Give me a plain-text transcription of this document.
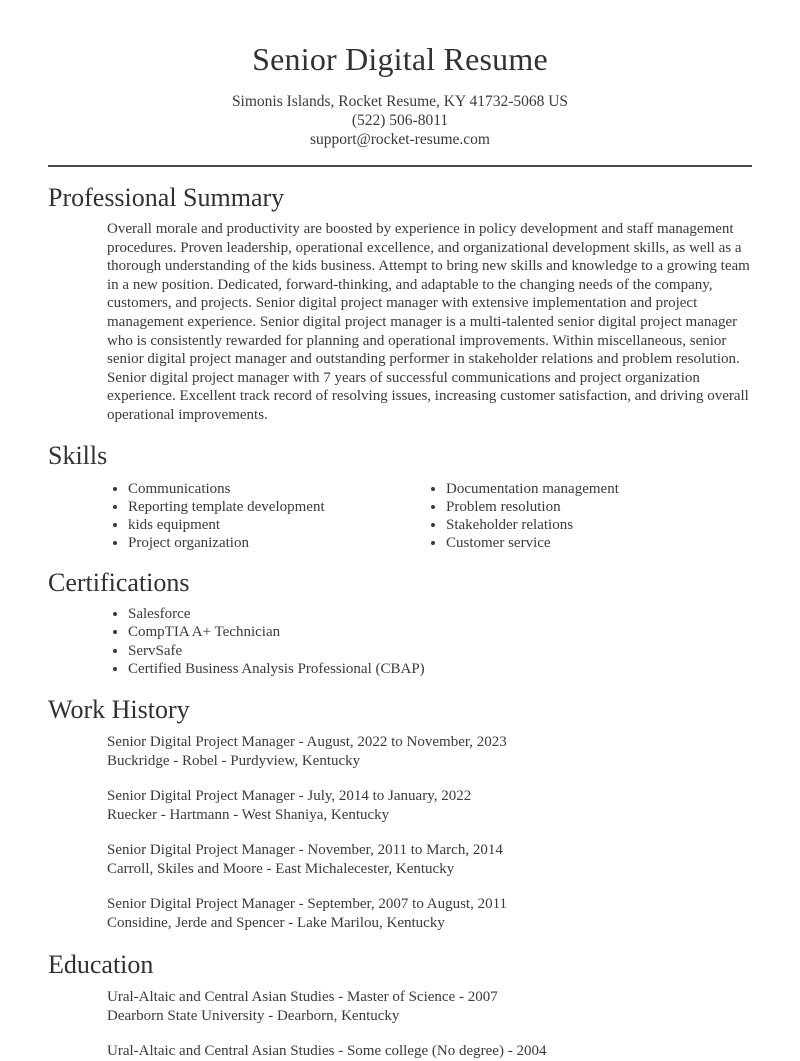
Senior Digital Resume

Simonis Islands, Rocket Resume, KY 41732-5068 US

(522) 506-8011

support@rocket-resume.com

Professional Summary

Overall morale and productivity are boosted by experience in policy development and staff management procedures. Proven leadership, operational excellence, and organizational development skills, as well as a thorough understanding of the kids business. Attempt to bring new skills and knowledge to a growing team in a new position. Dedicated, forward-thinking, and adaptable to the changing needs of the company, customers, and projects. Senior digital project manager with extensive implementation and project management experience. Senior digital project manager is a multi-talented senior digital project manager who is consistently rewarded for planning and operational improvements. Within miscellaneous, senior senior digital project manager and outstanding performer in stakeholder relations and problem resolution. Senior digital project manager with 7 years of successful communications and project organization experience. Excellent track record of resolving issues, increasing customer satisfaction, and driving overall operational improvements.

Skills
• Communications
• Reporting template development
• kids equipment
• Project organization
• Documentation management
• Problem resolution
• Stakeholder relations
• Customer service
Certifications
• Salesforce
• CompTIA A+ Technician
• ServSafe
• Certified Business Analysis Professional (CBAP)
Work History

Senior Digital Project Manager - August, 2022 to November, 2023

Buckridge - Robel - Purdyview, Kentucky

Senior Digital Project Manager - July, 2014 to January, 2022

Ruecker - Hartmann - West Shaniya, Kentucky

Senior Digital Project Manager - November, 2011 to March, 2014

Carroll, Skiles and Moore - East Michalecester, Kentucky

Senior Digital Project Manager - September, 2007 to August, 2011

Considine, Jerde and Spencer - Lake Marilou, Kentucky

Education

Ural-Altaic and Central Asian Studies - Master of Science - 2007

Dearborn State University - Dearborn, Kentucky

Ural-Altaic and Central Asian Studies - Some college (No degree) - 2004
